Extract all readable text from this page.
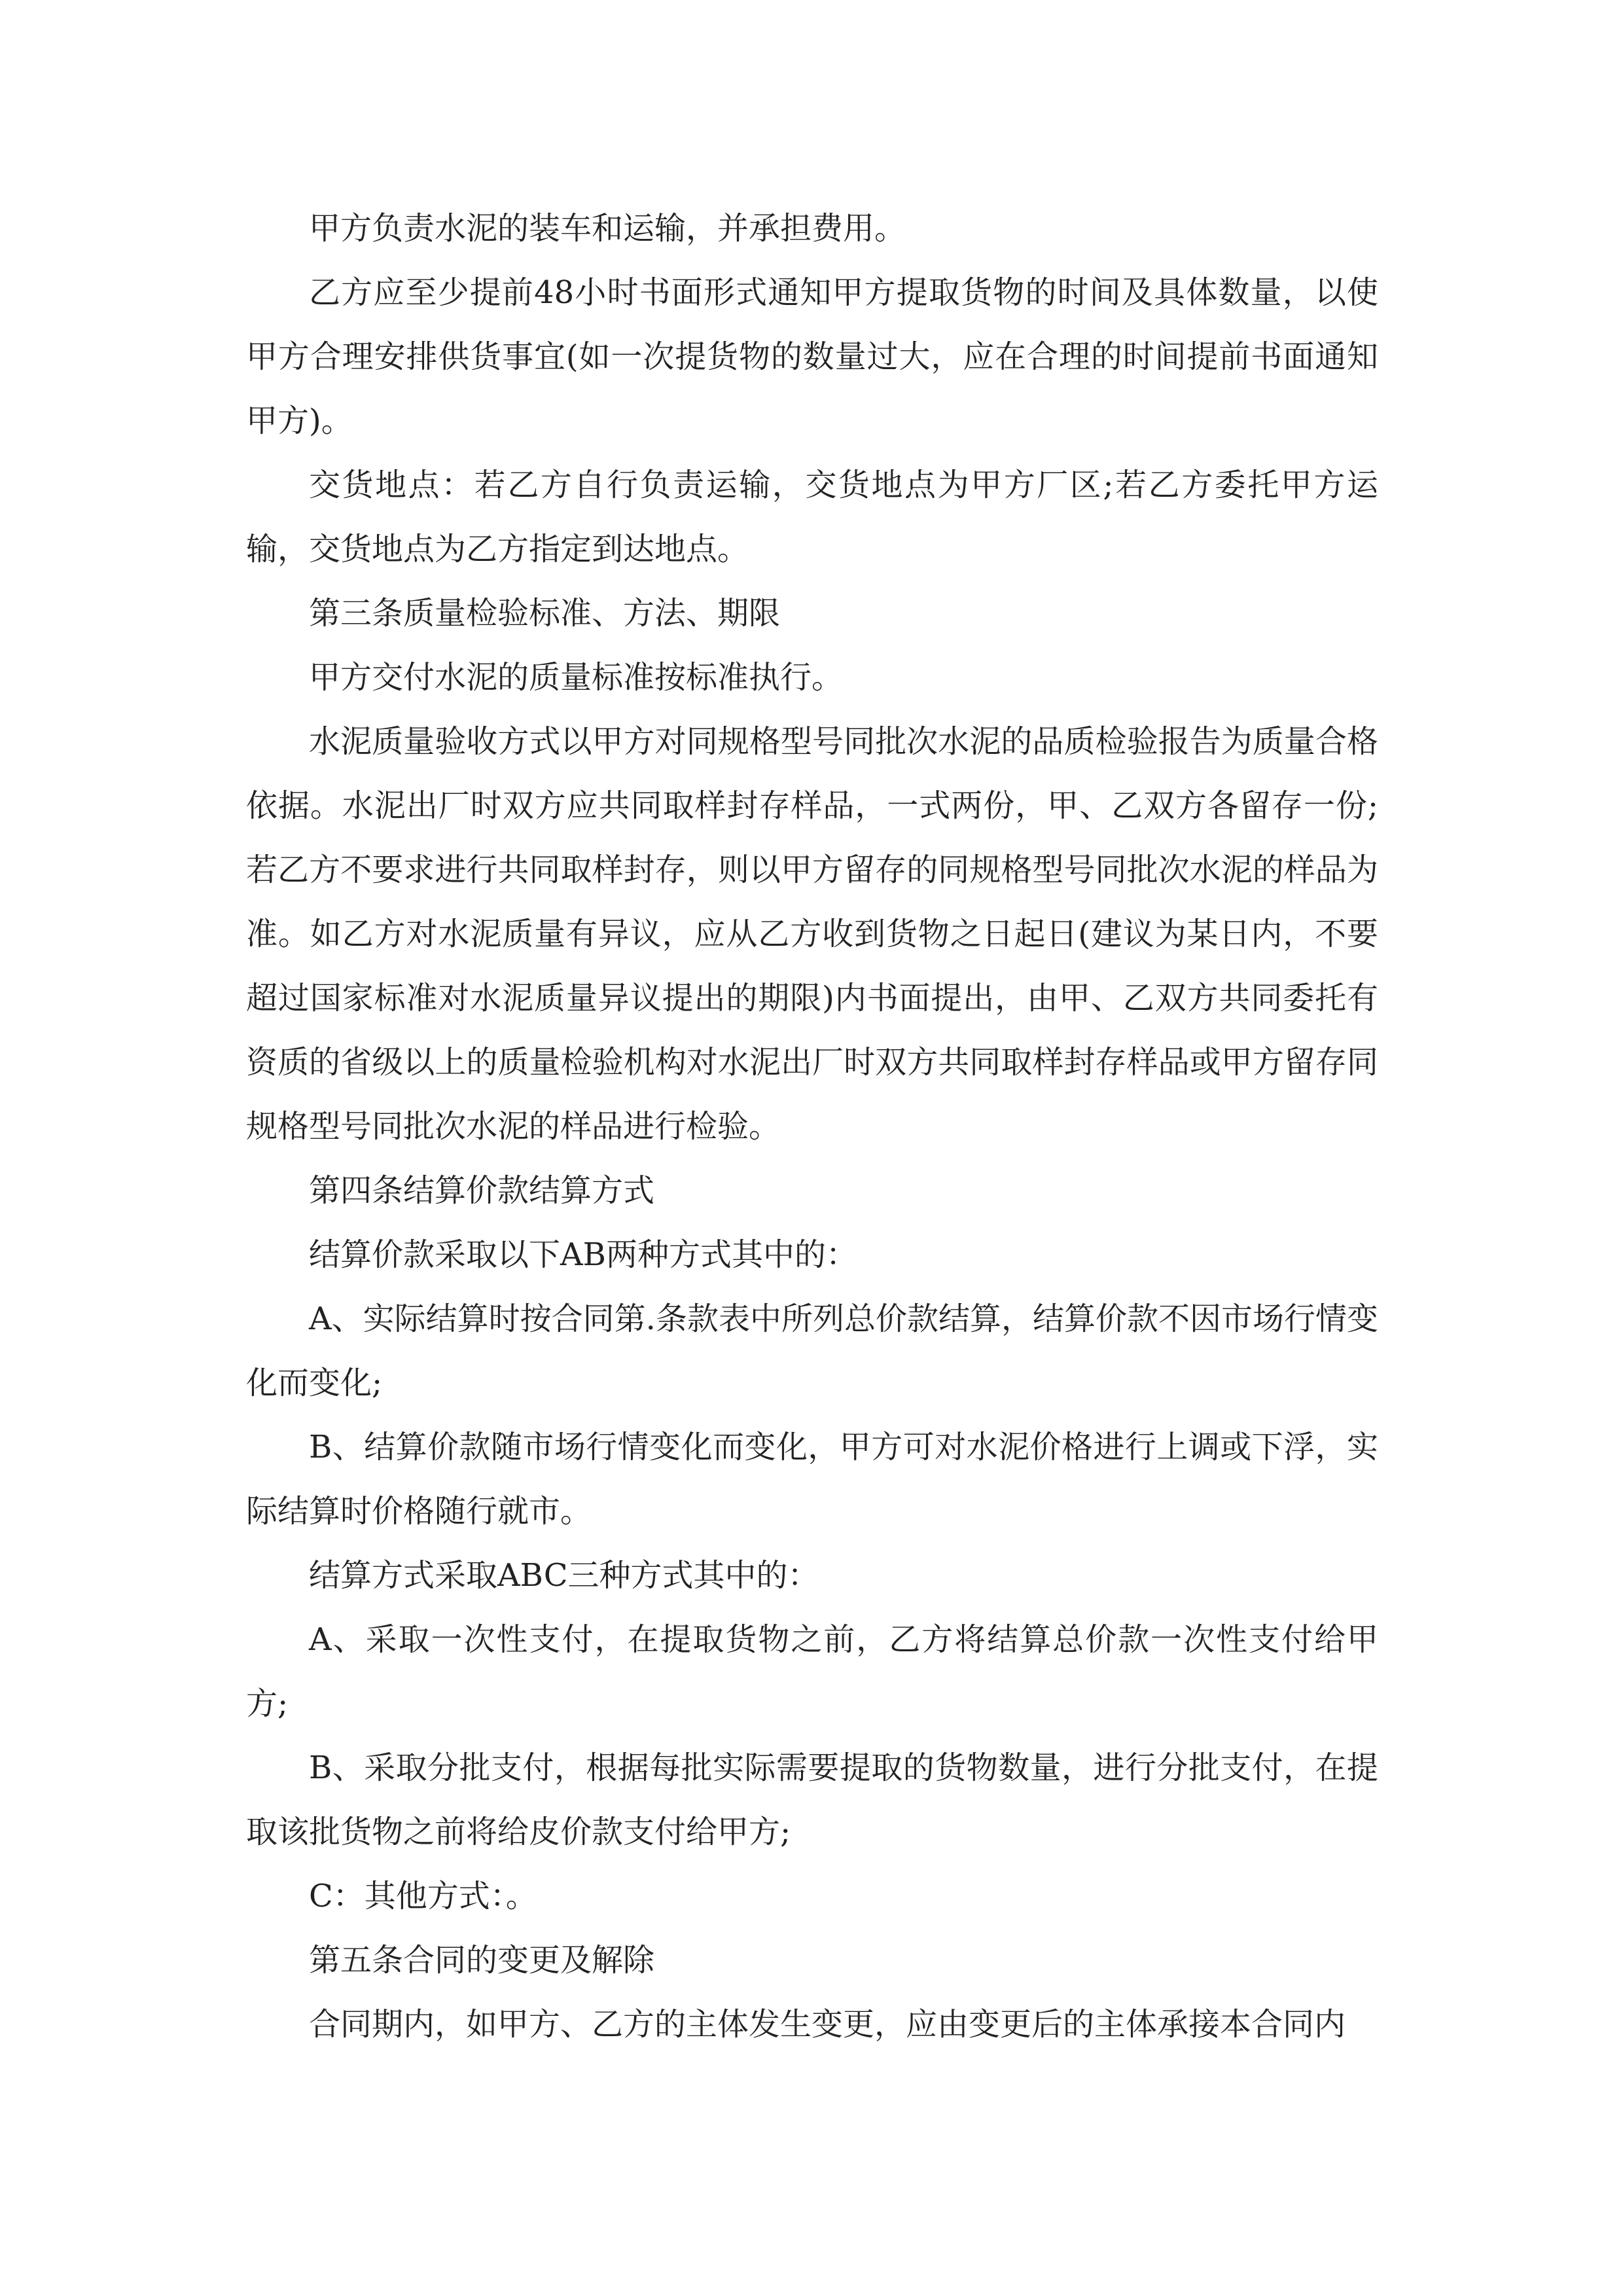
甲方负责水泥的装车和运输，并承担费用。

乙方应至少提前48小时书面形式通知甲方提取货物的时间及具体数量，以使甲方合理安排供货事宜(如一次提货物的数量过大，应在合理的时间提前书面通知甲方)。

交货地点：若乙方自行负责运输，交货地点为甲方厂区;若乙方委托甲方运输，交货地点为乙方指定到达地点。

第三条质量检验标准、方法、期限

甲方交付水泥的质量标准按标准执行。

水泥质量验收方式以甲方对同规格型号同批次水泥的品质检验报告为质量合格依据。水泥出厂时双方应共同取样封存样品，一式两份，甲、乙双方各留存一份;若乙方不要求进行共同取样封存，则以甲方留存的同规格型号同批次水泥的样品为准。如乙方对水泥质量有异议，应从乙方收到货物之日起日(建议为某日内，不要超过国家标准对水泥质量异议提出的期限)内书面提出，由甲、乙双方共同委托有资质的省级以上的质量检验机构对水泥出厂时双方共同取样封存样品或甲方留存同规格型号同批次水泥的样品进行检验。

第四条结算价款结算方式

结算价款采取以下AB两种方式其中的：

A、实际结算时按合同第.条款表中所列总价款结算，结算价款不因市场行情变化而变化;

B、结算价款随市场行情变化而变化，甲方可对水泥价格进行上调或下浮，实际结算时价格随行就市。

结算方式采取ABC三种方式其中的：

A、采取一次性支付，在提取货物之前，乙方将结算总价款一次性支付给甲方;

B、采取分批支付，根据每批实际需要提取的货物数量，进行分批支付，在提取该批货物之前将给皮价款支付给甲方;

C：其他方式：。

第五条合同的变更及解除

合同期内，如甲方、乙方的主体发生变更，应由变更后的主体承接本合同内
